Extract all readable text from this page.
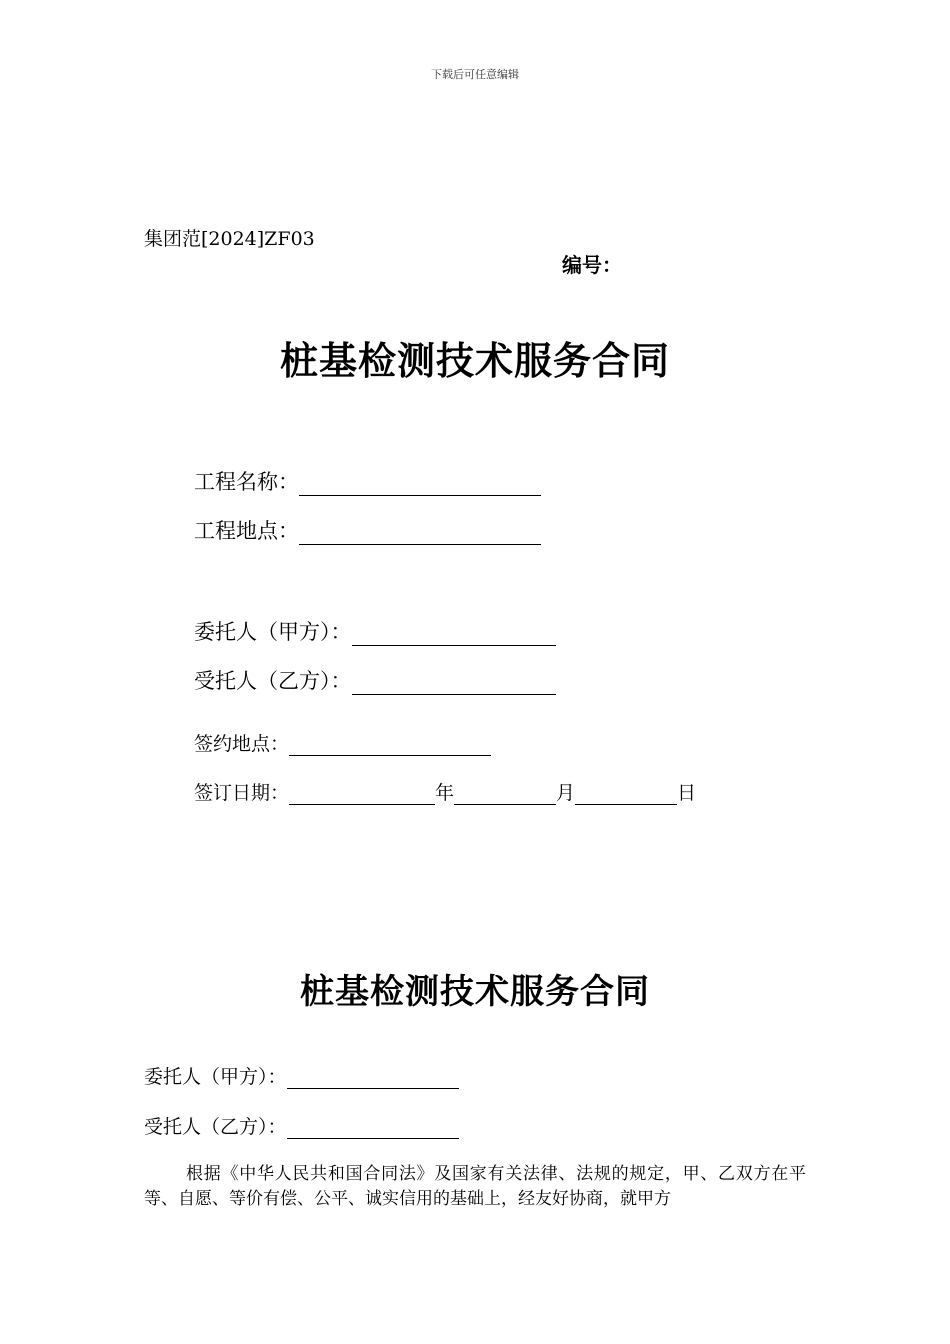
下载后可任意编辑
集团范[2024]ZF03
编号：
桩基检测技术服务合同
工程名称：
工程地点：
委托人（甲方）：
受托人（乙方）：
签约地点：
签订日期：	年	月	日
桩基检测技术服务合同
委托人（甲方）：
受托人（乙方）：
根据《中华人民共和国合同法》及国家有关法律、法规的规定，甲、乙双方在平等、自愿、等价有偿、公平、诚实信用的基础上，经友好协商，就甲方
